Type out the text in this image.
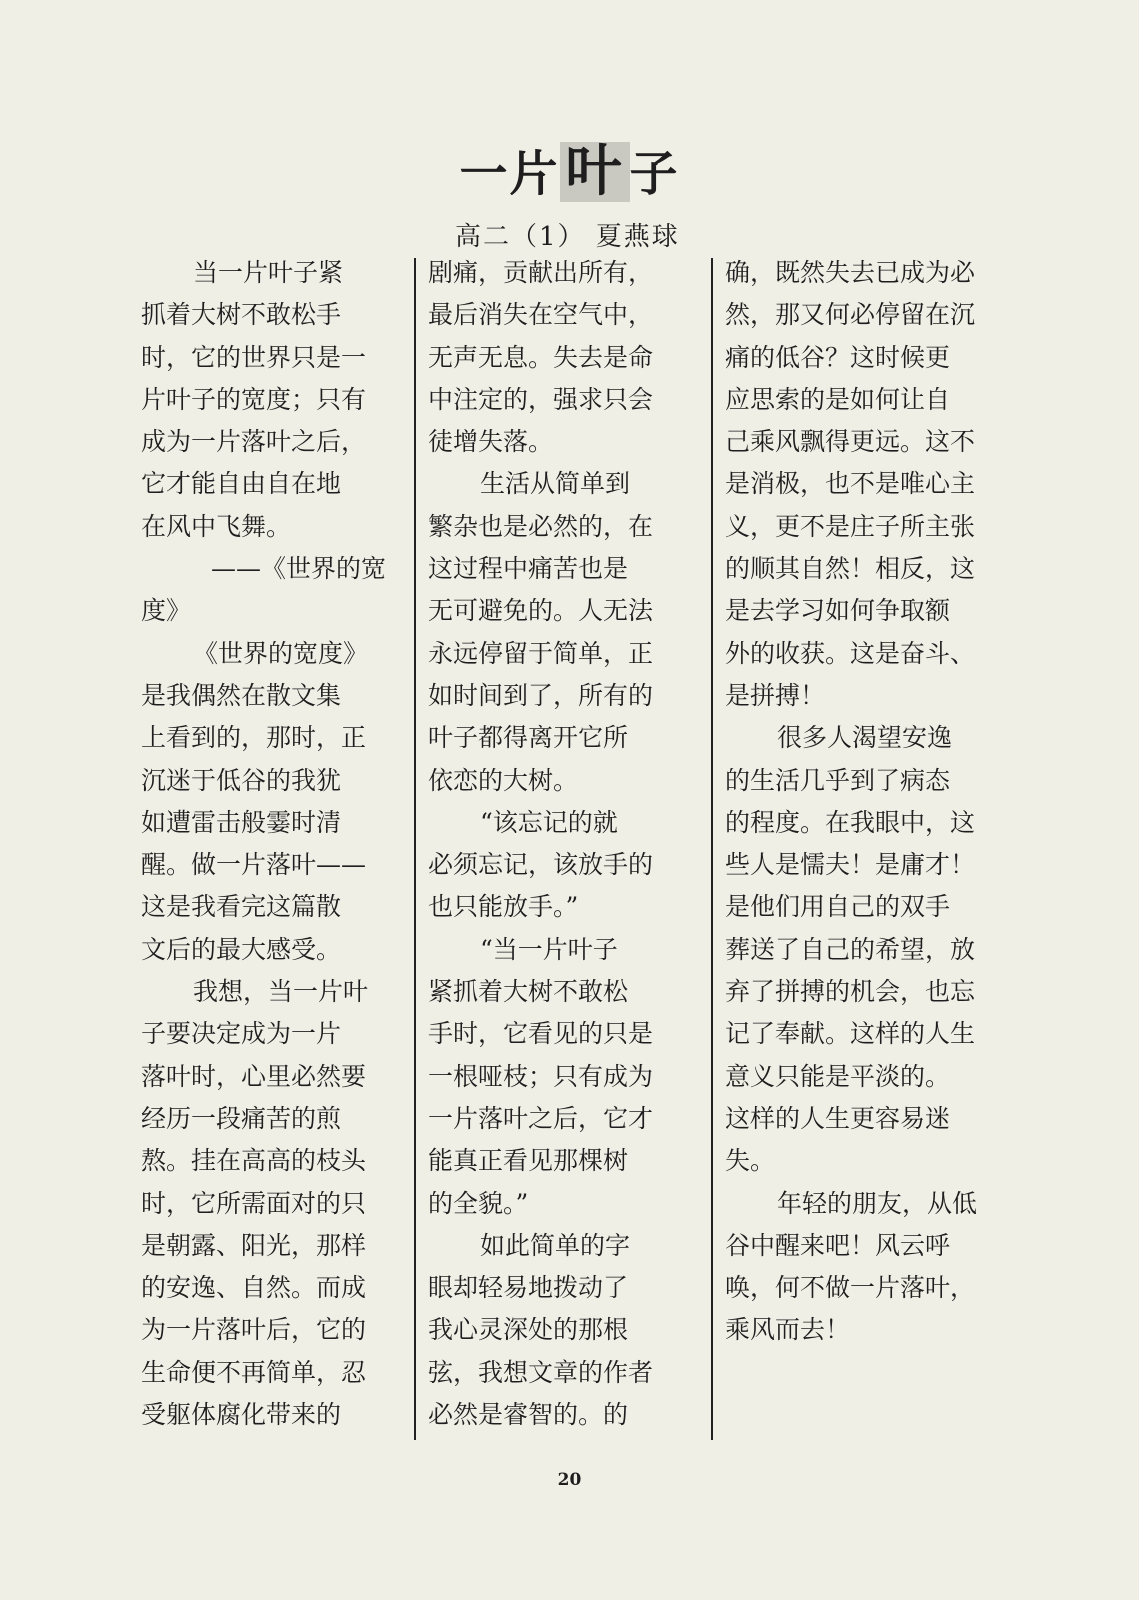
一片 叶 子
高二（1） 夏燕球
当一片叶子紧
抓着大树不敢松手
时，它的世界只是一
片叶子的宽度；只有
成为一片落叶之后，
它才能自由自在地
在风中飞舞。
——《世界的宽
度》
《世界的宽度》
是我偶然在散文集
上看到的，那时，正
沉迷于低谷的我犹
如遭雷击般霎时清
醒。做一片落叶——
这是我看完这篇散
文后的最大感受。
我想，当一片叶
子要决定成为一片
落叶时，心里必然要
经历一段痛苦的煎
熬。挂在高高的枝头
时，它所需面对的只
是朝露、阳光，那样
的安逸、自然。而成
为一片落叶后，它的
生命便不再简单，忍
受躯体腐化带来的
剧痛，贡献出所有，
最后消失在空气中，
无声无息。失去是命
中注定的，强求只会
徒增失落。
生活从简单到
繁杂也是必然的，在
这过程中痛苦也是
无可避免的。人无法
永远停留于简单，正
如时间到了，所有的
叶子都得离开它所
依恋的大树。
“该忘记的就
必须忘记，该放手的
也只能放手。”
“当一片叶子
紧抓着大树不敢松
手时，它看见的只是
一根哑枝；只有成为
一片落叶之后，它才
能真正看见那棵树
的全貌。”
如此简单的字
眼却轻易地拨动了
我心灵深处的那根
弦，我想文章的作者
必然是睿智的。的
确，既然失去已成为必
然，那又何必停留在沉
痛的低谷？这时候更
应思索的是如何让自
己乘风飘得更远。这不
是消极，也不是唯心主
义，更不是庄子所主张
的顺其自然！相反，这
是去学习如何争取额
外的收获。这是奋斗、
是拼搏！
很多人渴望安逸
的生活几乎到了病态
的程度。在我眼中，这
些人是懦夫！是庸才！
是他们用自己的双手
葬送了自己的希望，放
弃了拼搏的机会，也忘
记了奉献。这样的人生
意义只能是平淡的。
这样的人生更容易迷
失。
年轻的朋友，从低
谷中醒来吧！风云呼
唤，何不做一片落叶，
乘风而去！
20
